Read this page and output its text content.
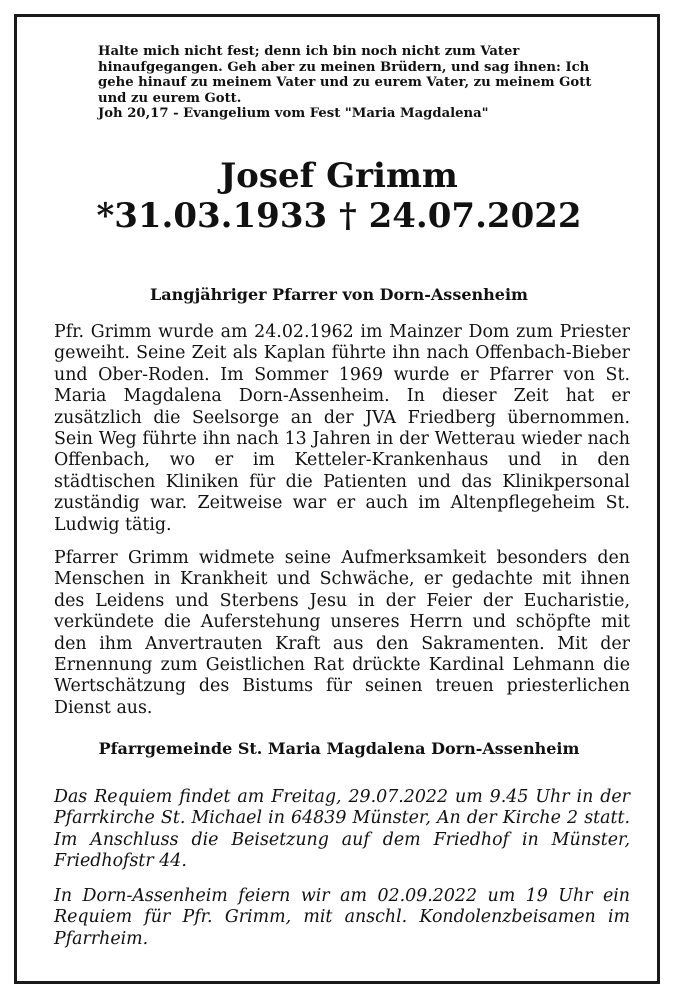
Halte mich nicht fest; denn ich bin noch nicht zum Vater hinaufgegangen. Geh aber zu meinen Brüdern, und sag ihnen: Ich gehe hinauf zu meinem Vater und zu eurem Vater, zu meinem Gott und zu eurem Gott.

Joh 20,17 - Evangelium vom Fest "Maria Magdalena"

Josef Grimm
*31.03.1933 † 24.07.2022
Langjähriger Pfarrer von Dorn-Assenheim

Pfr. Grimm wurde am 24.02.1962 im Mainzer Dom zum Priester geweiht. Seine Zeit als Kaplan führte ihn nach Offenbach-Bieber und Ober-Roden. Im Sommer 1969 wurde er Pfarrer von St. Maria Magdalena Dorn-Assenheim. In dieser Zeit hat er zusätzlich die Seelsorge an der JVA Friedberg übernommen. Sein Weg führte ihn nach 13 Jahren in der Wetterau wieder nach Offenbach, wo er im Ketteler-Krankenhaus und in den städtischen Kliniken für die Patienten und das Klinikpersonal zuständig war. Zeitweise war er auch im Altenpflegeheim St. Ludwig tätig.

Pfarrer Grimm widmete seine Aufmerksamkeit besonders den Menschen in Krankheit und Schwäche, er gedachte mit ihnen des Leidens und Sterbens Jesu in der Feier der Eucharistie, verkündete die Auferstehung unseres Herrn und schöpfte mit den ihm Anvertrauten Kraft aus den Sakramenten. Mit der Ernennung zum Geistlichen Rat drückte Kardinal Lehmann die Wertschätzung des Bistums für seinen treuen priesterlichen Dienst aus.

Pfarrgemeinde St. Maria Magdalena Dorn-Assenheim

Das Requiem findet am Freitag, 29.07.2022 um 9.45 Uhr in der Pfarrkirche St. Michael in 64839 Münster, An der Kirche 2 statt. Im Anschluss die Beisetzung auf dem Friedhof in Münster, Friedhofstr 44.

In Dorn-Assenheim feiern wir am 02.09.2022 um 19 Uhr ein Requiem für Pfr. Grimm, mit anschl. Kondolenzbeisamen im Pfarrheim.
